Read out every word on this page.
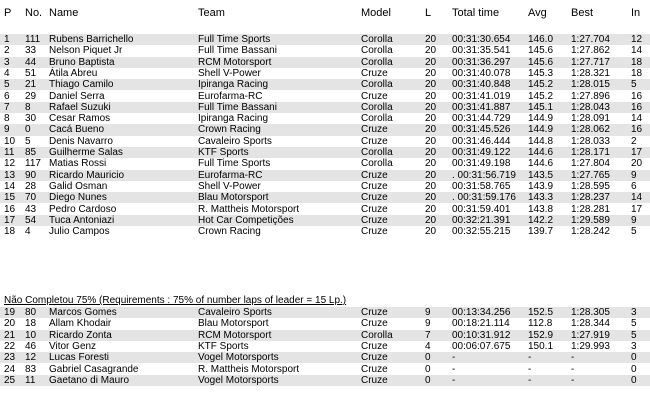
P No. Name	Team	Model	L Total time	Avg Best	In
1 111 Rubens Barrichello	Full Time Sports	Corolla	20 00:31:30.654 146.0 1:27.704 12
2 33 Nelson Piquet Jr	Full Time Bassani	Corolla	20 00:31:35.541 145.6 1:27.862 14
3 44 Bruno Baptista	RCM Motorsport	Corolla	20 00:31:36.297 145.6 1:27.717 18
4 51 Átila Abreu	Shell V-Power	Cruze	20 00:31:40.078 145.3 1:28.321 18
5 21 Thiago Camilo	Ipiranga Racing	Corolla	20 00:31:40.848 145.2 1:28.015 5
6 29 Daniel Serra	Eurofarma-RC	Cruze	20 00:31:41.019 145.2 1:27.896 16
7 8 Rafael Suzuki	Full Time Bassani	Corolla	20 00:31:41.887 145.1 1:28.043 16
8 30 Cesar Ramos	Ipiranga Racing	Corolla	20 00:31:44.729 144.9 1:28.091 14
9 0 Cacá Bueno	Crown Racing	Cruze	20 00:31:45.526 144.9 1:28.062 16
10 5 Denis Navarro	Cavaleiro Sports	Cruze	20 00:31:46.444 144.8 1:28.033 2
11 85 Guilherme Salas	KTF Sports	Corolla	20 00:31:49.122 144.6 1:28.171 17
12 117 Matias Rossi	Full Time Sports	Corolla	20 00:31:49.198 144.6 1:27.804 20
13 90 Ricardo Mauricio	Eurofarma-RC	Cruze	20 . 00:31:56.719 143.5 1:27.765 9
14 28 Galid Osman	Shell V-Power	Cruze	20 00:31:58.765 143.9 1:28.595 6
15 70 Diego Nunes	Blau Motorsport	Cruze	20 . 00:31:59.176 143.3 1:28.237 14
16 43 Pedro Cardoso	R. Mattheis Motorsport	Cruze	20 00:31:59.401 143.8 1:28.281 17
17 54 Tuca Antoniazi	Hot Car Competições	Cruze	20 00:32:21.391 142.2 1:29.589 9
18 4 Julio Campos	Crown Racing	Cruze	20 00:32:55.215 139.7 1:28.242 5
Não Completou 75% (Requirements : 75% of number laps of leader = 15 Lp.)
19 80 Marcos Gomes	Cavaleiro Sports	Cruze	9 00:13:34.256 152.5 1:28.305 3
20 18 Allam Khodair	Blau Motorsport	Cruze	9 00:18:21.114 112.8 1:28.344 5
21 10 Ricardo Zonta	RCM Motorsport	Corolla	7 00:10:31.912 152.9 1:27.919 5
22 46 Vitor Genz	KTF Sports	Cruze	4 00:06:07.675 150.1 1:29.993 3
23 12 Lucas Foresti	Vogel Motorsports	Cruze	0 -	-	-	0
24 83 Gabriel Casagrande	R. Mattheis Motorsport	Cruze	0 -	-	-	0
25 11 Gaetano di Mauro	Vogel Motorsports	Cruze	0 -	-	-	0
